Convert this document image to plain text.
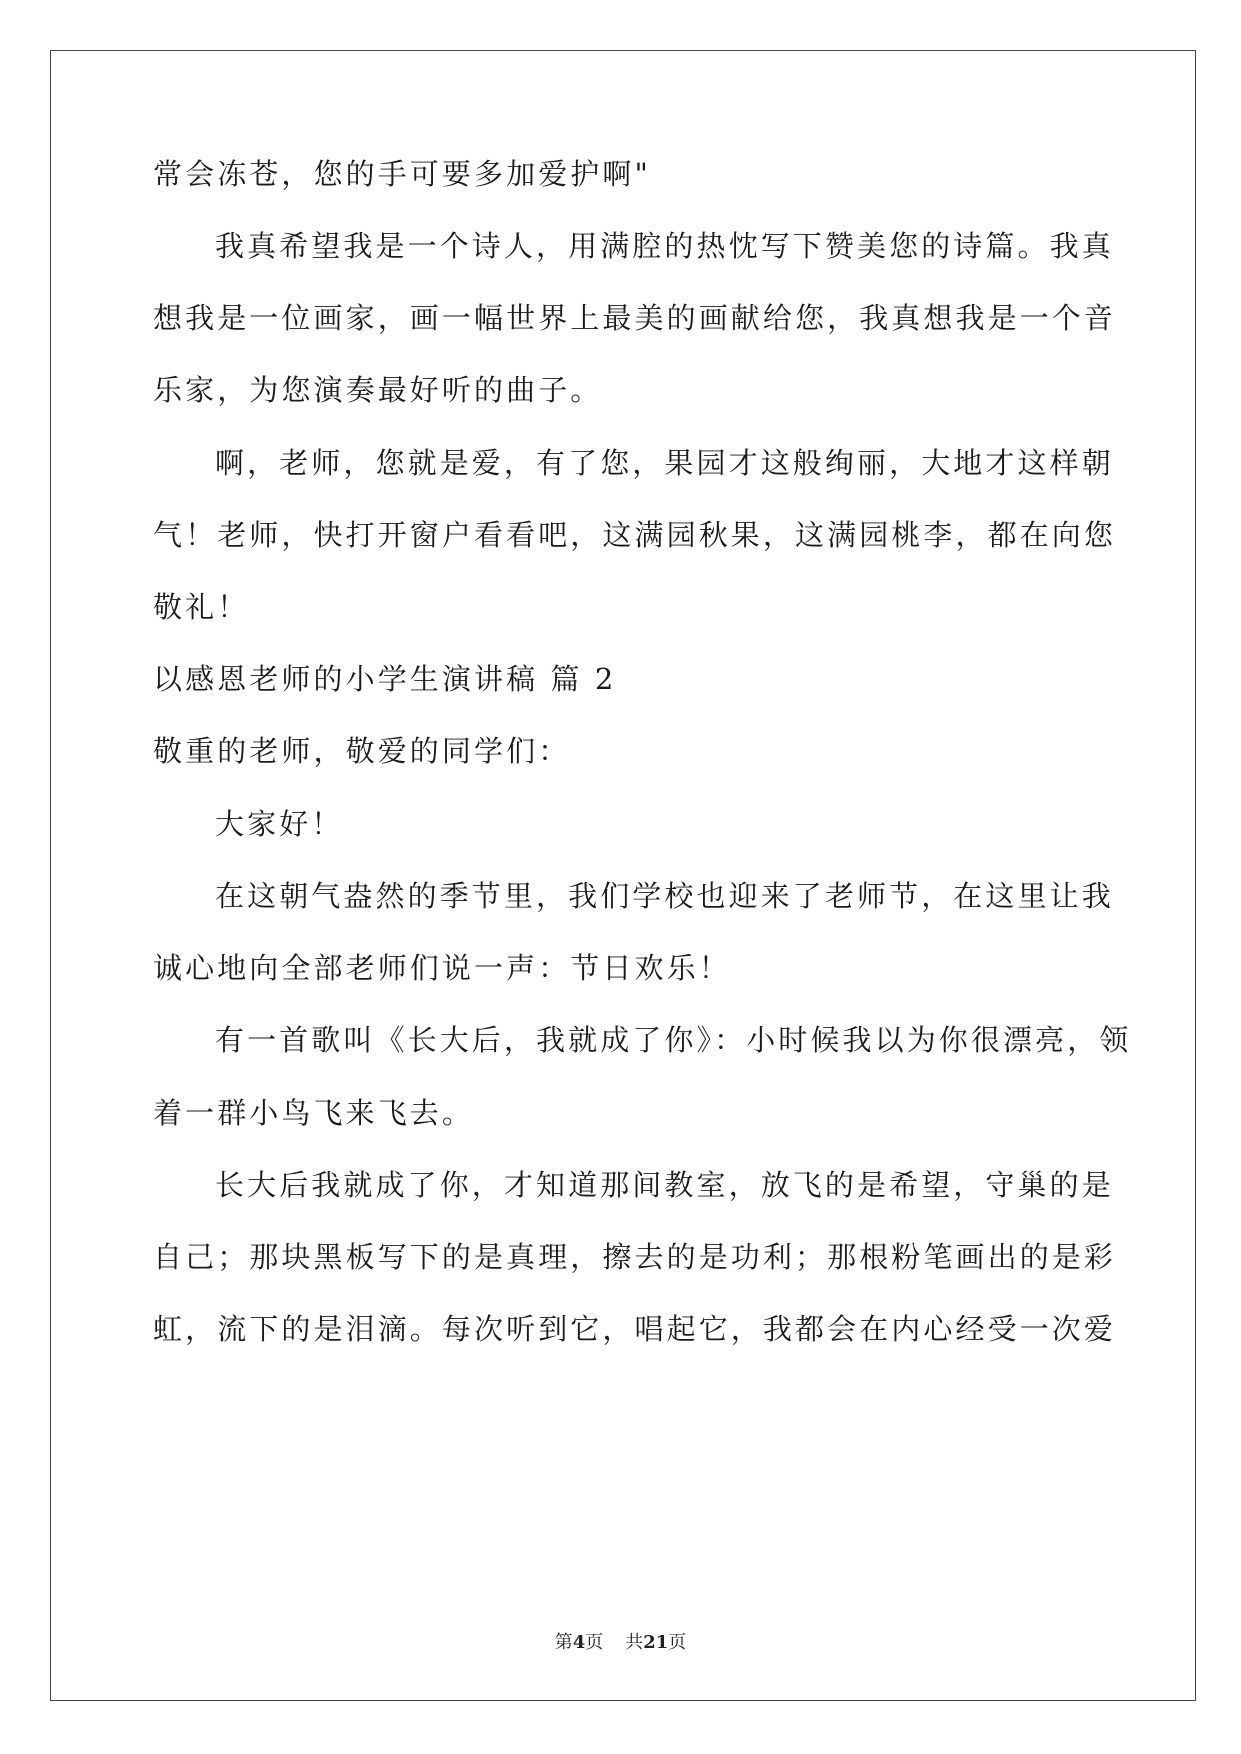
常会冻苍，您的手可要多加爱护啊"
我真希望我是一个诗人，用满腔的热忱写下赞美您的诗篇。我真
想我是一位画家，画一幅世界上最美的画献给您，我真想我是一个音
乐家，为您演奏最好听的曲子。
啊，老师，您就是爱，有了您，果园才这般绚丽，大地才这样朝
气！老师，快打开窗户看看吧，这满园秋果，这满园桃李，都在向您
敬礼！
以感恩老师的小学生演讲稿 篇 2
敬重的老师，敬爱的同学们：
大家好！
在这朝气盎然的季节里，我们学校也迎来了老师节，在这里让我
诚心地向全部老师们说一声：节日欢乐！
有一首歌叫《长大后，我就成了你》：小时候我以为你很漂亮，领
着一群小鸟飞来飞去。
长大后我就成了你，才知道那间教室，放飞的是希望，守巢的是
自己；那块黑板写下的是真理，擦去的是功利；那根粉笔画出的是彩
虹，流下的是泪滴。每次听到它，唱起它，我都会在内心经受一次爱
第4页 共21页
